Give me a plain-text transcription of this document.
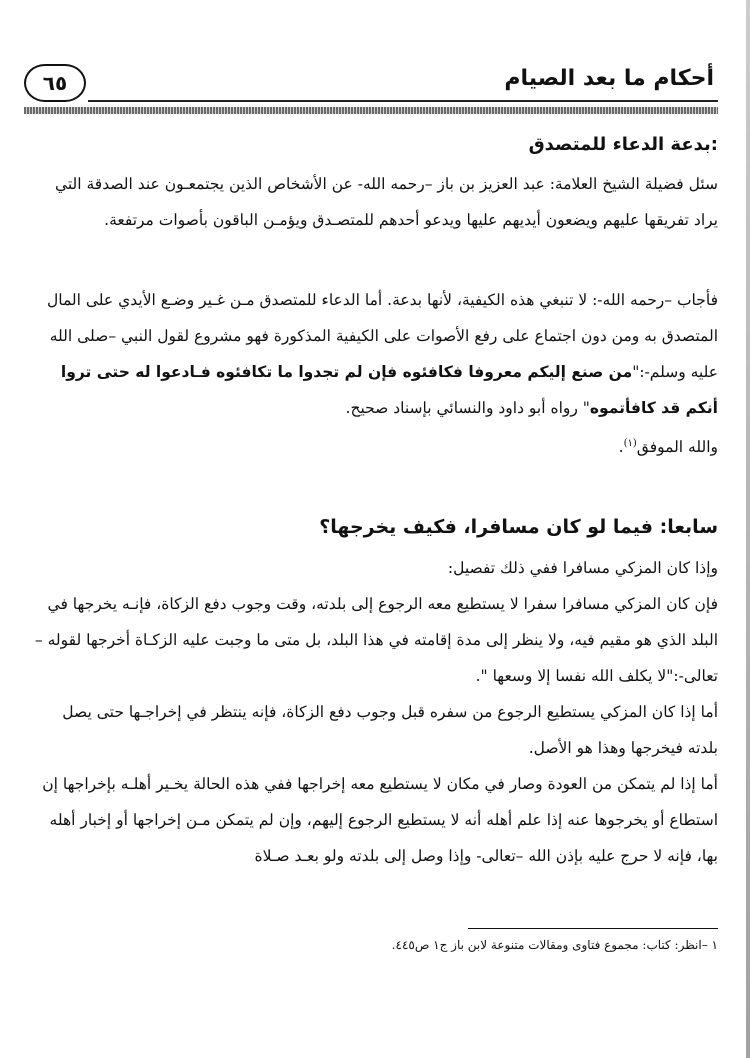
٦٥	أحكام ما بعد الصيام
بدعة الدعاء للمتصدق:

سئل فضيلة الشيخ العلامة: عبد العزيز بن باز –رحمه الله- عن الأشخاص الذين يجتمعـون عند الصدقة التي يراد تفريقها عليهم ويضعون أيديهم عليها ويدعو أحدهم للمتصـدق ويؤمـن الباقون بأصوات مرتفعة.

فأجاب –رحمه الله-: لا تنبغي هذه الكيفية، لأنها بدعة. أما الدعاء للمتصدق مـن غـير وضـع الأيدي على المال المتصدق به ومن دون اجتماع على رفع الأصوات على الكيفية المذكورة فهو مشروع لقول النبي –صلى الله عليه وسلم-:"من صنع إليكم معروفا فكافئوه فإن لم تجدوا ما تكافئوه فـادعوا له حتى تروا أنكم قد كافأتموه" رواه أبو داود والنسائي بإسناد صحيح.

والله الموفق$^{(١)}$.

سابعا: فيما لو كان مسافرا، فكيف يخرجها؟

وإذا كان المزكي مسافرا ففي ذلك تفصيل:

فإن كان المزكي مسافرا سفرا لا يستطيع معه الرجوع إلى بلدته، وقت وجوب دفع الزكاة، فإنـه يخرجها في البلد الذي هو مقيم فيه، ولا ينظر إلى مدة إقامته في هذا البلد، بل متى ما وجبت عليه الزكـاة أخرجها لقوله –تعالى-:"لا يكلف الله نفسا إلا وسعها ".

أما إذا كان المزكي يستطيع الرجوع من سفره قبل وجوب دفع الزكاة، فإنه ينتظر في إخراجـها حتى يصل بلدته فيخرجها وهذا هو الأصل.

أما إذا لم يتمكن من العودة وصار في مكان لا يستطيع معه إخراجها ففي هذه الحالة يخـير أهلـه بإخراجها إن استطاع أو يخرجوها عنه إذا علم أهله أنه لا يستطيع الرجوع إليهم، وإن لم يتمكن مـن إخراجها أو إخبار أهله بها، فإنه لا حرج عليه بإذن الله –تعالى- وإذا وصل إلى بلدته ولو بعـد صـلاة

١ –انظر: كتاب: مجموع فتاوى ومقالات متنوعة لابن باز ج١ ص٤٤٥.
